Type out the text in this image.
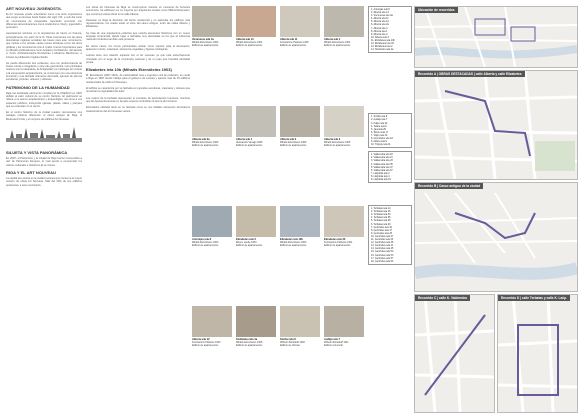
ART NOUVEAU JUGENDSTIL

El Art nouveau puede entenderse como una serie expresiones que surge en Europa hacia finales del siglo XIX, a raíz del inicio de movimientos de vanguardia, buscando encontrar con diferentes denominaciones como modernismo, liberty, jugendstil o secession.

Asociaciones técnicas en la arquitectura de hierro en Francia, principalmente con partir de la III. Otras conexiones con las artes decorativas inglesas sentaban las bases para este movimiento, que incluía a los artistas varias ramas artísticas como las artes gráficas y los movimientos Arts & Crafts. Fueron importantes para su difusión publicaciones como Academy Architecture, del alemán A. Koch, Architektonische Rundschau o Moderne Bauformen, e incluso la publicación Inglesa Studio.

Se puede diferenciar dos vertientes: una con predominancia de líneas curvas e irregulares y otra más geométrica. Las principales motivos son la naturaleza, la Antigüedad y la mitología. En cuanto a la composición arquitectónica, se construyen con una estructura funcional y una fachada ricamente decorada, ejemplo de ello las esculturas, pinturas, relieves y vidrieras.

PATRIMONIO DE LA HUMANIDAD

Riga fue declarada patrimonio mundial por la UNESCO en 1997 debido al valor cultural de su centro histórico. El patrimonio se refiere a su acervo arquitectónico y arqueológico, así como a sus espacios públicos, incluyendo iglesias, plazas, calles y parques que se extienden en el centro.

En el centro histórico de la ciudad pueden reconocerse tres paisajes urbanos diferentes: el casco antiguo de Riga, el Boulevard Circle y el conjunto de edificios Art Nouveau.

SILUETA Y VISTA PANORÁMICA

En 2007, el Patrimonio y la ciudad de Riga fueron reconocidos a raíz de Patrimonio Europeo, lo cual ayudó a comprender los valores culturales e históricos de la misma.

RIGA Y EL ART NOUVEAU

La capital de Letonia es la ciudad europea que conserva el mayor número de obras Art Nouveau. Más del 40% de sus edificios pertenecen a este movimiento.

Los obras Art Nouveau de Riga se construyeron durante un momento de bonanza económica. Se edificaron en su mayoría por arquitectos locales como Mikhail Eisenstein, que construyó varias obras en la calle Alberta.

Destacan en Riga la dirección del barrio residencial y en particular los edificios más representativos, los cuales están al norte del casco antiguo, entre las calles Alberta y Elizabetes.

Se trata de una arquitectura ecléctica que mezcla elementos históricos con un nuevo lenguaje ornamental, dando lugar a fachadas muy decoradas en los que la influencia nacional romántica también está presente.

En varios casos, los muros perimetrales actúan como soporte para la decoración, aparecen rostros, máscaras, elementos vegetales y figuras mitológicas.

Letonia tiene una relación especial con el art nouveau ya que está estrechamente vinculado con el auge de la conciencia nacional y de un país que buscaba identidad propia.

Elizabetes iela 10b (Mihails Eizenšteins 1903)

M. Eizenšteins (1867-1921), de nacionalidad rusa e ingeniero civil de profesión, se mudó a Riga en 1897 donde trabajó para el gobierno de Letonia y ejecutó más de 15 edificios residenciales de estilo Art Nouveau.

El edificio se caracteriza por su fachada con grandes esculturas, máscaras y relieves que remarcan la originalidad del autor.

Los rostros de la fachada representan el contraste de sentimientos humanos, mientras que las figuras femeninas en la parte superior simbolizan la fuerza del universo.

Eizenšteins utilizaba tanto en su fachada como en sus detalles elementos decorativos característicos del Art Nouveau vienés.

Vienmeras iela 4a
Mihails Eizenšteins 1904
Edificio de apartamentos
Alberta iela 13
Mihails Eizenšteins 1904
Edificio de apartamentos
Alberta iela 11
Konstantīns Pēkšēns 1908
Edificio de apartamentos
Alberta iela 4
Mihails Eizenšteins 1904
Edificio de apartamentos
Alberta iela 2a
Mihails Eizenšteins 1906
Edificio de apartamentos
Alberta iela 1
Aleksandrs Vanags 1905
Edificio de apartamentos
Alberta iela 2
Mihails Eizenšteins 1906
Edificio de apartamentos
Alberta iela 3
Mihails Eizenšteins 1905
Edificio de apartamentos
Antonijas iela 8
Mihails Eizenšteins 1903
Edificio de apartamentos
Elizabetes iela 2
Eižens Laube 1903
Edificio de apartamentos
Elizabetes iela 10b
Mihails Eizenšteins 1903
Edificio de apartamentos
Elizabetes iela 33
Konstantīns Pēkšēns 1901
Edificio de apartamentos
Alberta iela 12
Konstantīns Pēkšēns 1903
Edificio de apartamentos
Strēlnieku iela 4a
Mihails Eizenšteins 1905
Edificio de apartamentos
Smilšu iela 8
Wilhelm Bockslaff 1902
Edificio de oficinas
Audēju iela 7
Wilhelm Bockslaff 1911
Edificio comercial
1. Antonijas iela 8
2. Alberta iela 13
3. Vienmeras iela 4a
4. Alberta iela 11
5. Alberta iela 12
6. Alberta iela 2a
7. Alberta iela 4
8. Alberta iela 1
9. Alberta iela 2
10. Alberta iela 3
11. Elizabetes iela 10b
12. Elizabetes iela 33
13. Elizabetes iela 2
14. Strēlnieku iela 4a
1. Smilšu iela 8
2. Audēju iela 7
3. Kaļķu iela 22
4. Teātra iela 9
5. Jauniela 25
6. Škūņu iela 17
7. Vaļņu iela 32
8. Grēcinieku iela 18
9. Aldaru iela 9
10. Tirgoņu iela 11
1. Valdemāra iela 18
2. Valdemāra iela 21
3. Valdemāra iela 23
4. Valdemāra iela 35
5. Valdemāra iela 37
6. Valdemāra iela 67
7. Lāčplēša iela 2
8. Lāčplēša iela 4
9. Lāčplēša iela 51
1. Terbatas iela 14
2. Terbatas iela 15
3. Terbatas iela 33
4. Terbatas iela 35
5. Terbatas iela 36
6. Terbatas iela 49
7. Ģertrūdes iela 10
8. Ģertrūdes iela 17
9. Ģertrūdes iela 25
10. Ģertrūdes iela 27
11. Ģertrūdes iela 34
12. Ģertrūdes iela 38
13. Ģertrūdes iela 41
14. Ģertrūdes iela 45
15. Ģertrūdes iela 50
16. Ģertrūdes iela 53
17. Ģertrūdes iela 57
18. Ģertrūdes iela 64
Ubicación de recorridos
Recorrido A | OBRAS DESTACADAS | calle Alberta y calle Elizabetes
Recorrido B | Casco antiguo de la ciudad
Recorrido C | calle K. Valdemāra	Recorrido D | calle Terbatas y calle K. Lačp.
